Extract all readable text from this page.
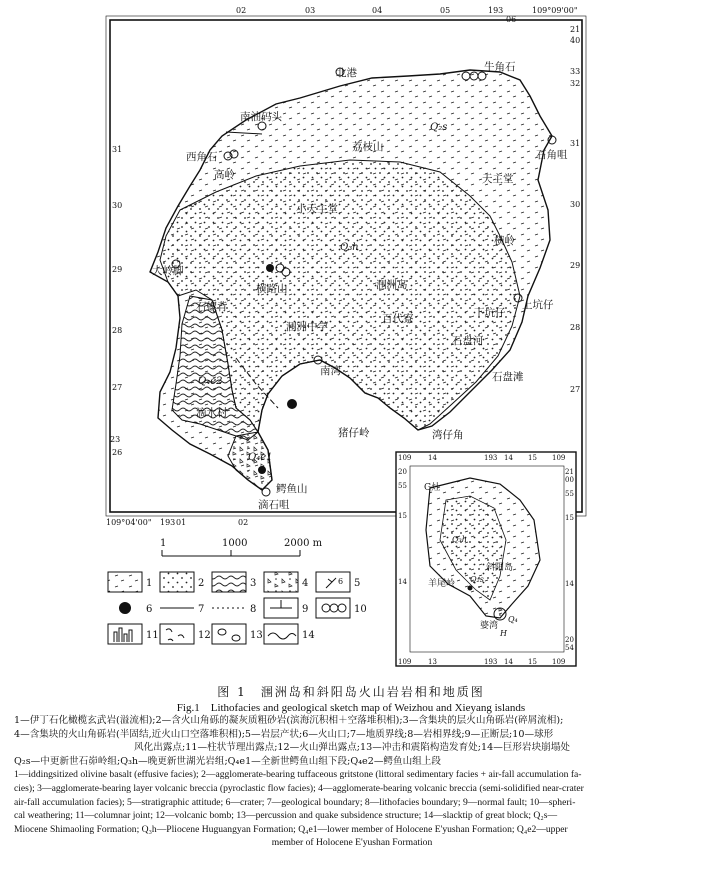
02	03	04	05	193
06
109°09'00"
31
30
29
28
27
26
23
21
40
33
32
31
30
29
28
27
109°04'00" 193 01	02
北港	牛角石
南油码头
西角石
高岭
荔枝山
石角咀
天主堂
小天主堂
横岭
大岭脚
横路山	涠洲岛
上坑仔
下坑仔
石螺背
百代寮
涠洲中学
石盘河
南湾	石盘滩
滴水村
猪仔岭	湾仔角
鳄鱼山
滴石咀
Q₂s
Q₃h
Q₄e2
Q₄e1
1	1000	2000 m
1	2	3	4	6 5
6	7	8	9	10
11	12	13	14
109 14	193 14 15 109
109 13	193 14 15 109
20
55
15
14
21
00
55
15
14
20
54
G灶
羊尾岭
斜阳岛
婆湾
Q₃h
Q₂s
Q₄
H
图 1　涠洲岛和斜阳岛火山岩岩相和地质图
Fig.1　Lithofacies and geological sketch map of Weizhou and Xieyang islands
1—伊丁石化橄榄玄武岩(溢流相);2—含火山角砾的凝灰质粗砂岩(滨海沉积相＋空落堆积相);3—含集块的层火山角砾岩(碎屑流相);
4—含集块的火山角砾岩(半固结,近火山口空落堆积相);5—岩层产状;6—火山口;7—地质界线;8—岩相界线;9—正断层;10—球形
风化出露点;11—柱状节理出露点;12—火山弹出露点;13—冲击和震陷构造发育处;14—巨形岩块崩塌处
Q₂s—中更新世石峁岭组;Q₃h—晚更新世湖光岩组;Q₄e1—全新世鳄鱼山组下段;Q₄e2—鳄鱼山组上段
1—iddingsitized olivine basalt (effusive facies); 2—agglomerate-bearing tuffaceous gritstone (littoral sedimentary facies + air-fall accumulation fa-
cies); 3—agglomerate-bearing layer volcanic breccia (pyroclastic flow facies); 4—agglomerate-bearing volcanic breccia (semi-solidified near-crater
air-fall accumulation facies); 5—stratigraphic attitude; 6—crater; 7—geological boundary; 8—lithofacies boundary; 9—normal fault; 10—spheri-
cal weathering; 11—columnar joint; 12—volcanic bomb; 13—percussion and quake subsidence structure; 14—slacktip of great block; Q₂s—
Miocene Shimaoling Formation; Q₃h—Pliocene Huguangyan Formation; Q₄e1—lower member of Holocene E'yushan Formation; Q₄e2—upper
member of Holocene E'yushan Formation
